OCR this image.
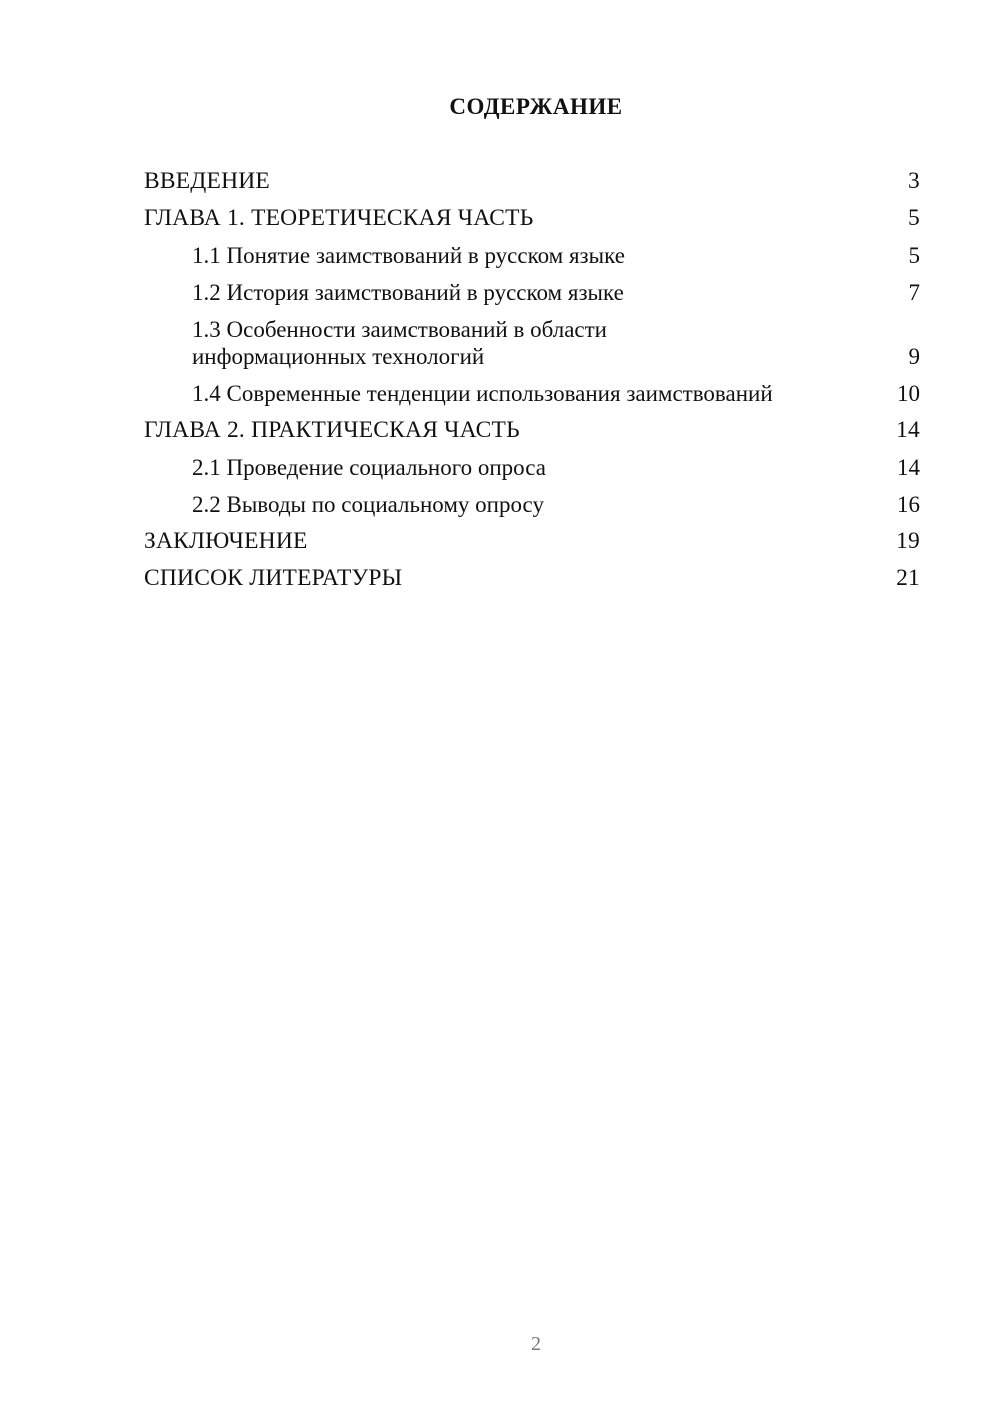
СОДЕРЖАНИЕ
ВВЕДЕНИЕ	3
ГЛАВА 1. ТЕОРЕТИЧЕСКАЯ ЧАСТЬ	5
1.1 Понятие заимствований в русском языке	5
1.2 История заимствований в русском языке	7
1.3 Особенности заимствований в области
информационных технологий	9
1.4 Современные тенденции использования заимствований	10
ГЛАВА 2. ПРАКТИЧЕСКАЯ ЧАСТЬ	14
2.1 Проведение социального опроса	14
2.2 Выводы по социальному опросу	16
ЗАКЛЮЧЕНИЕ	19
СПИСОК ЛИТЕРАТУРЫ	21
2
